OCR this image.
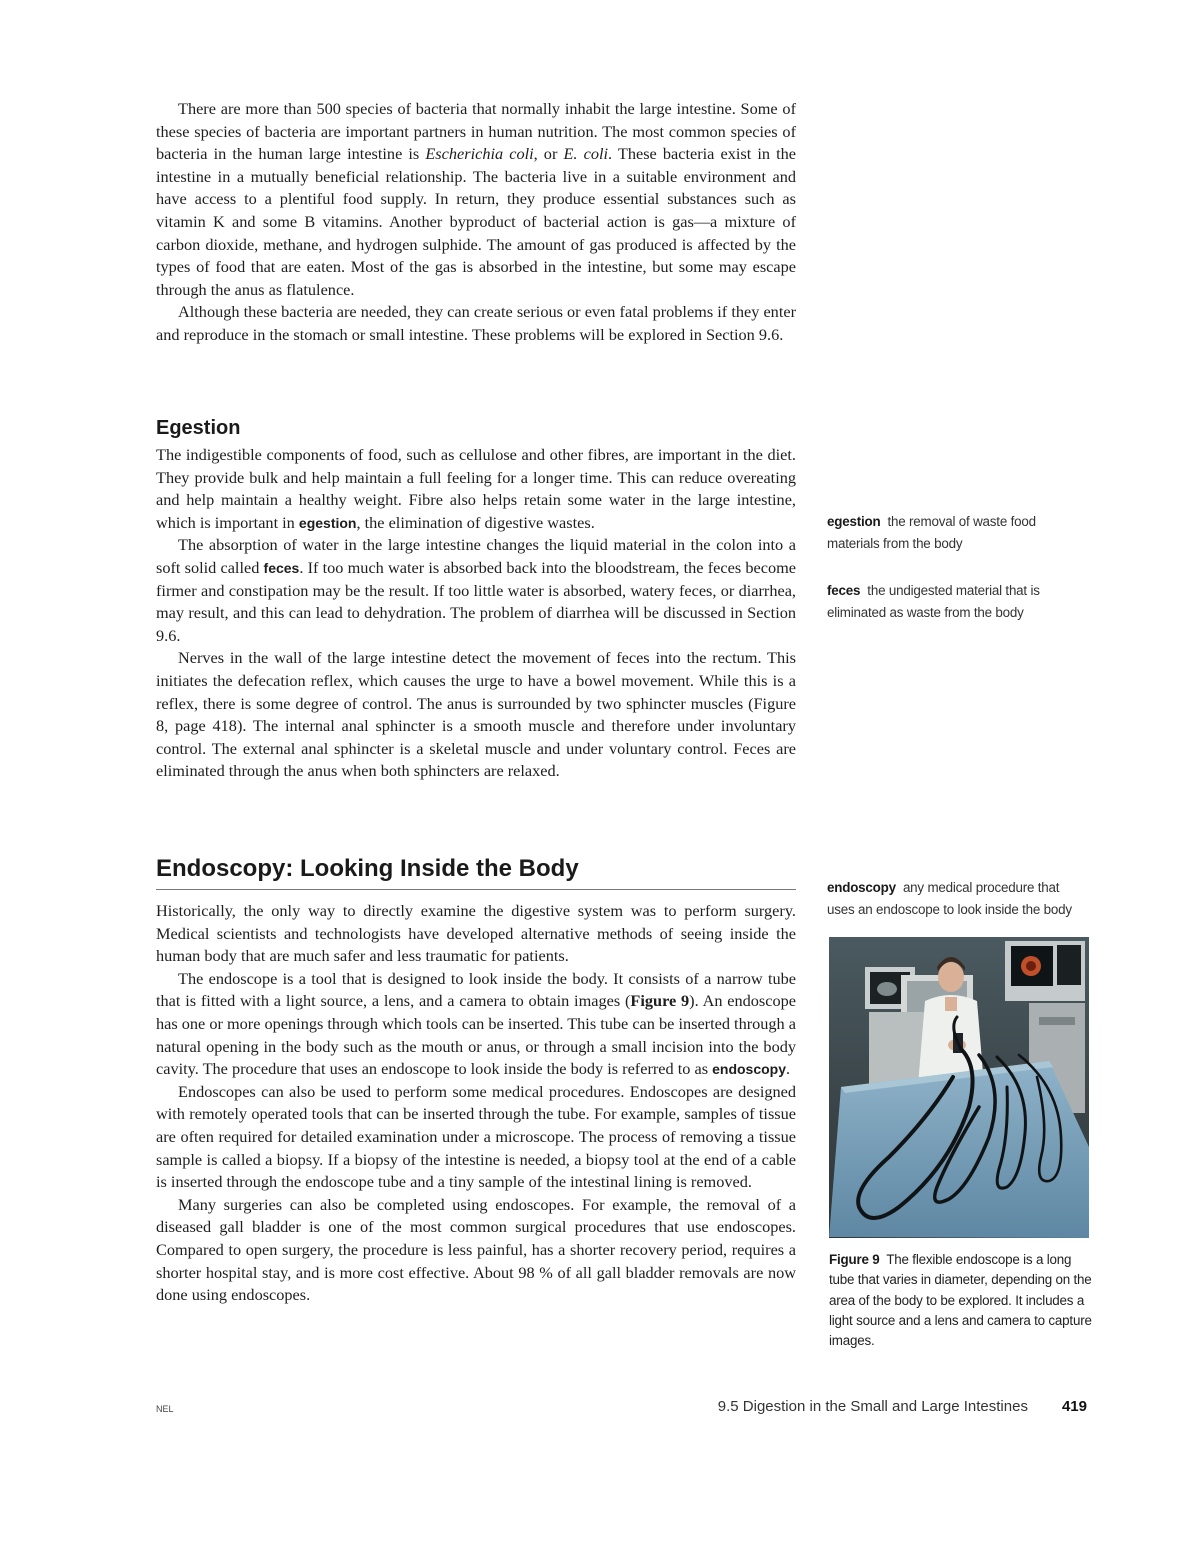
There are more than 500 species of bacteria that normally inhabit the large intestine. Some of these species of bacteria are important partners in human nutrition. The most common species of bacteria in the human large intestine is Escherichia coli, or E. coli. These bacteria exist in the intestine in a mutually beneficial relationship. The bacteria live in a suitable environment and have access to a plentiful food supply. In return, they produce essential substances such as vitamin K and some B vitamins. Another byproduct of bacterial action is gas—a mixture of carbon dioxide, methane, and hydrogen sulphide. The amount of gas produced is affected by the types of food that are eaten. Most of the gas is absorbed in the intestine, but some may escape through the anus as flatulence.

Although these bacteria are needed, they can create serious or even fatal problems if they enter and reproduce in the stomach or small intestine. These problems will be explored in Section 9.6.

Egestion

The indigestible components of food, such as cellulose and other fibres, are important in the diet. They provide bulk and help maintain a full feeling for a longer time. This can reduce overeating and help maintain a healthy weight. Fibre also helps retain some water in the large intestine, which is important in egestion, the elimination of digestive wastes.

The absorption of water in the large intestine changes the liquid material in the colon into a soft solid called feces. If too much water is absorbed back into the bloodstream, the feces become firmer and constipation may be the result. If too little water is absorbed, watery feces, or diarrhea, may result, and this can lead to dehydration. The problem of diarrhea will be discussed in Section 9.6.

Nerves in the wall of the large intestine detect the movement of feces into the rectum. This initiates the defecation reflex, which causes the urge to have a bowel movement. While this is a reflex, there is some degree of control. The anus is surrounded by two sphincter muscles (Figure 8, page 418). The internal anal sphincter is a smooth muscle and therefore under involuntary control. The external anal sphincter is a skeletal muscle and under voluntary control. Feces are eliminated through the anus when both sphincters are relaxed.

Endoscopy: Looking Inside the Body

Historically, the only way to directly examine the digestive system was to perform surgery. Medical scientists and technologists have developed alternative methods of seeing inside the human body that are much safer and less traumatic for patients.

The endoscope is a tool that is designed to look inside the body. It consists of a narrow tube that is fitted with a light source, a lens, and a camera to obtain images (Figure 9). An endoscope has one or more openings through which tools can be inserted. This tube can be inserted through a natural opening in the body such as the mouth or anus, or through a small incision into the body cavity. The procedure that uses an endoscope to look inside the body is referred to as endoscopy.

Endoscopes can also be used to perform some medical procedures. Endoscopes are designed with remotely operated tools that can be inserted through the tube. For example, samples of tissue are often required for detailed examination under a microscope. The process of removing a tissue sample is called a biopsy. If a biopsy of the intestine is needed, a biopsy tool at the end of a cable is inserted through the endoscope tube and a tiny sample of the intestinal lining is removed.

Many surgeries can also be completed using endoscopes. For example, the removal of a diseased gall bladder is one of the most common surgical procedures that use endoscopes. Compared to open surgery, the procedure is less painful, has a shorter recovery period, requires a shorter hospital stay, and is more cost effective. About 98 % of all gall bladder removals are now done using endoscopes.

egestion the removal of waste food materials from the body
feces the undigested material that is eliminated as waste from the body
endoscopy any medical procedure that uses an endoscope to look inside the body
Figure 9 The flexible endoscope is a long tube that varies in diameter, depending on the area of the body to be explored. It includes a light source and a lens and camera to capture images.
NEL	9.5 Digestion in the Small and Large Intestines 419
